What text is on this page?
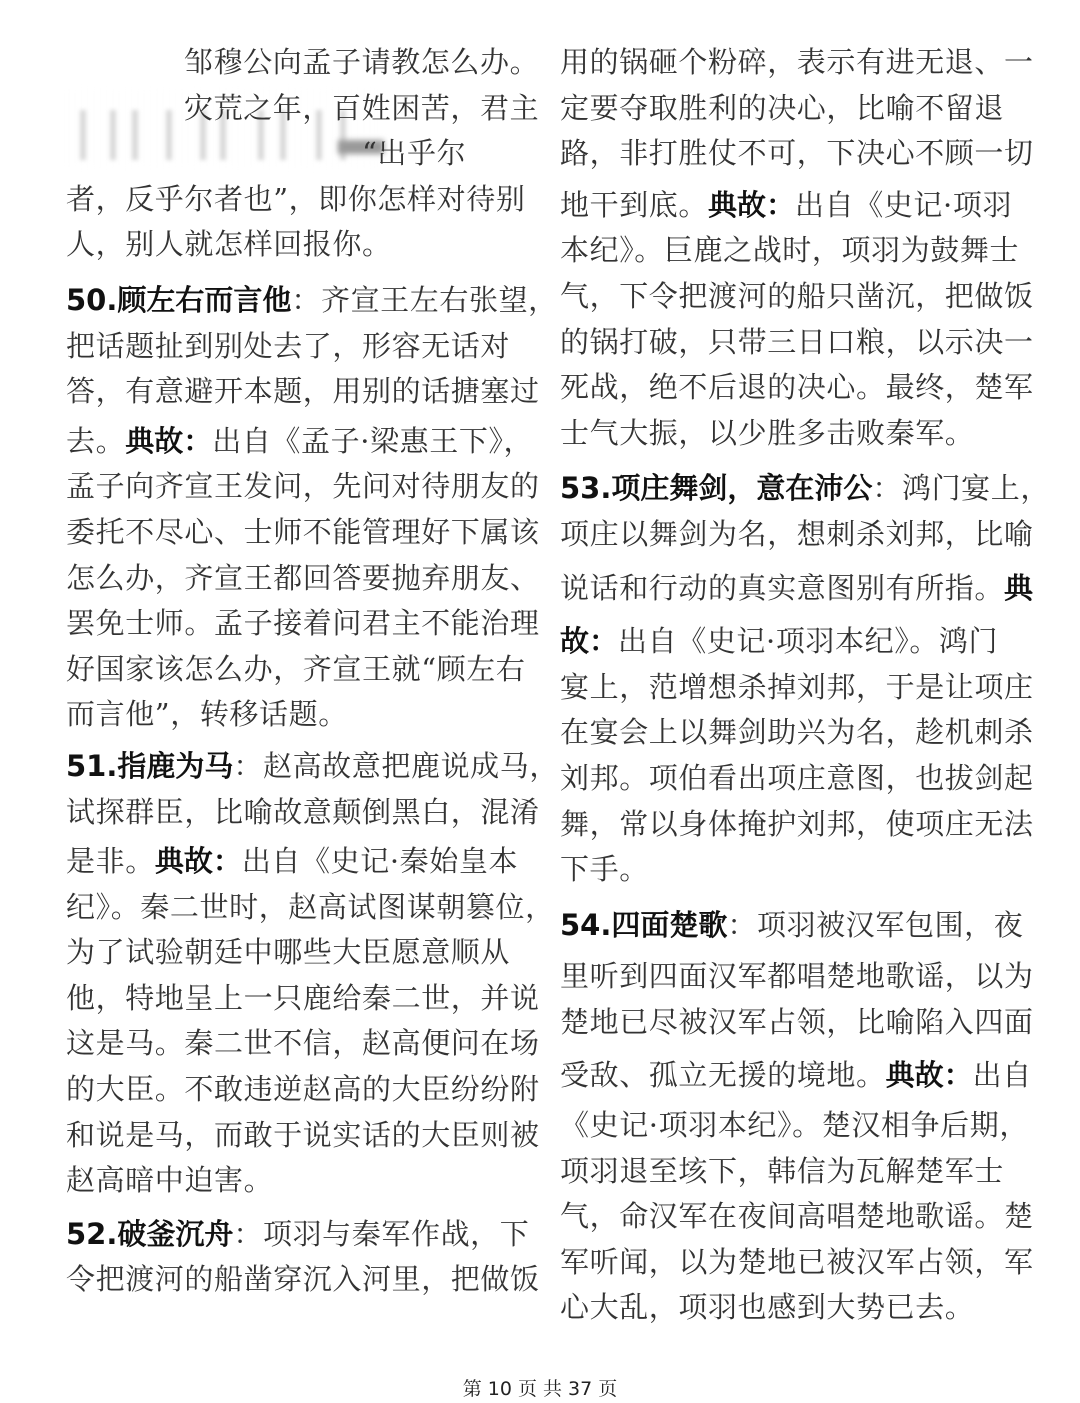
邹穆公向孟子请教怎么办。
灾荒之年，百姓困苦，君主
“出乎尔
者，反乎尔者也”，即你怎样对待别
人，别人就怎样回报你。
50.顾左右而言他：齐宣王左右张望，
把话题扯到别处去了，形容无话对
答，有意避开本题，用别的话搪塞过
去。典故：出自《孟子·梁惠王下》，
孟子向齐宣王发问，先问对待朋友的
委托不尽心、士师不能管理好下属该
怎么办，齐宣王都回答要抛弃朋友、
罢免士师。孟子接着问君主不能治理
好国家该怎么办，齐宣王就“顾左右
而言他”，转移话题。
51.指鹿为马：赵高故意把鹿说成马，
试探群臣，比喻故意颠倒黑白，混淆
是非。典故：出自《史记·秦始皇本
纪》。秦二世时，赵高试图谋朝篡位，
为了试验朝廷中哪些大臣愿意顺从
他，特地呈上一只鹿给秦二世，并说
这是马。秦二世不信，赵高便问在场
的大臣。不敢违逆赵高的大臣纷纷附
和说是马，而敢于说实话的大臣则被
赵高暗中迫害。
52.破釜沉舟：项羽与秦军作战，下
令把渡河的船凿穿沉入河里，把做饭
用的锅砸个粉碎，表示有进无退、一
定要夺取胜利的决心，比喻不留退
路，非打胜仗不可，下决心不顾一切
地干到底。典故：出自《史记·项羽
本纪》。巨鹿之战时，项羽为鼓舞士
气，下令把渡河的船只凿沉，把做饭
的锅打破，只带三日口粮，以示决一
死战，绝不后退的决心。最终，楚军
士气大振，以少胜多击败秦军。
53.项庄舞剑，意在沛公：鸿门宴上，
项庄以舞剑为名，想刺杀刘邦，比喻
说话和行动的真实意图别有所指。典
故：出自《史记·项羽本纪》。鸿门
宴上，范增想杀掉刘邦，于是让项庄
在宴会上以舞剑助兴为名，趁机刺杀
刘邦。项伯看出项庄意图，也拔剑起
舞，常以身体掩护刘邦，使项庄无法
下手。
54.四面楚歌：项羽被汉军包围，夜
里听到四面汉军都唱楚地歌谣，以为
楚地已尽被汉军占领，比喻陷入四面
受敌、孤立无援的境地。典故：出自
《史记·项羽本纪》。楚汉相争后期，
项羽退至垓下，韩信为瓦解楚军士
气，命汉军在夜间高唱楚地歌谣。楚
军听闻，以为楚地已被汉军占领，军
心大乱，项羽也感到大势已去。
第 10 页 共 37 页
